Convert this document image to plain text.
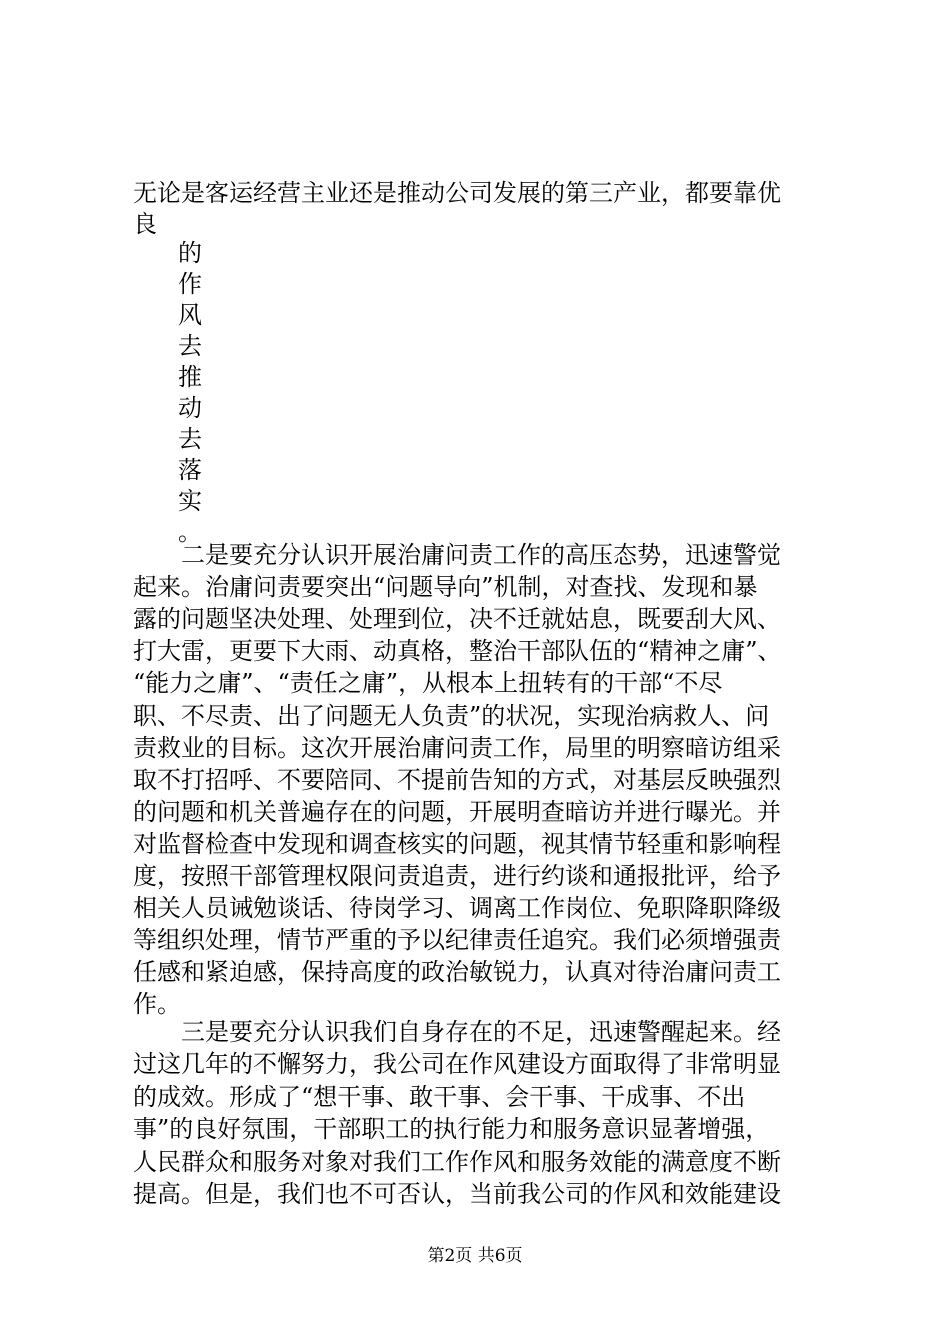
无论是客运经营主业还是推动公司发展的第三产业，都要靠优
良
的
作
风
去
推
动
去
落
实
。
　　二是要充分认识开展治庸问责工作的高压态势，迅速警觉
起来。治庸问责要突出“问题导向”机制，对查找、发现和暴
露的问题坚决处理、处理到位，决不迁就姑息，既要刮大风、
打大雷，更要下大雨、动真格，整治干部队伍的“精神之庸”、
“能力之庸”、“责任之庸”，从根本上扭转有的干部“不尽
职、不尽责、出了问题无人负责”的状况，实现治病救人、问
责救业的目标。这次开展治庸问责工作，局里的明察暗访组采
取不打招呼、不要陪同、不提前告知的方式，对基层反映强烈
的问题和机关普遍存在的问题，开展明查暗访并进行曝光。并
对监督检查中发现和调查核实的问题，视其情节轻重和影响程
度，按照干部管理权限问责追责，进行约谈和通报批评，给予
相关人员诫勉谈话、待岗学习、调离工作岗位、免职降职降级
等组织处理，情节严重的予以纪律责任追究。我们必须增强责
任感和紧迫感，保持高度的政治敏锐力，认真对待治庸问责工
作。
　　三是要充分认识我们自身存在的不足，迅速警醒起来。经
过这几年的不懈努力，我公司在作风建设方面取得了非常明显
的成效。形成了“想干事、敢干事、会干事、干成事、不出
事”的良好氛围，干部职工的执行能力和服务意识显著增强，
人民群众和服务对象对我们工作作风和服务效能的满意度不断
提高。但是，我们也不可否认，当前我公司的作风和效能建设
第2页 共6页
